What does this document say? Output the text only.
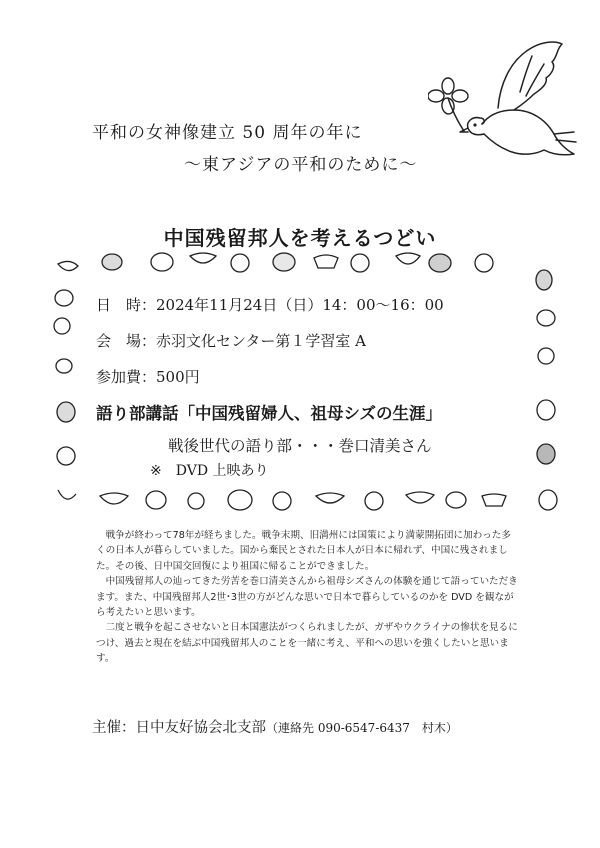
平和の女神像建立 50 周年の年に
～東アジアの平和のために～
中国残留邦人を考えるつどい
日　時：2024年11月24日（日）14：00～16：00
会　場：赤羽文化センター第１学習室 A
参加費：500円
語り部講話「中国残留婦人、祖母シズの生涯」
戦後世代の語り部・・・巻口清美さん
※　DVD 上映あり

戦争が終わって78年が経ちました。戦争末期、旧満州には国策により満蒙開拓団に加わった多くの日本人が暮らしていました。国から棄民とされた日本人が日本に帰れず、中国に残されました。その後、日中国交回復により祖国に帰ることができました。

中国残留邦人の辿ってきた労苦を巻口清美さんから祖母シズさんの体験を通じて語っていただきます。また、中国残留邦人2世･3世の方がどんな思いで日本で暮らしているのかを DVD を観ながら考えたいと思います。

二度と戦争を起こさせないと日本国憲法がつくられましたが、ガザやウクライナの惨状を見るにつけ、過去と現在を結ぶ中国残留邦人のことを一緒に考え、平和への思いを強くしたいと思います。

主催：日中友好協会北支部（連絡先 090-6547-6437　村木）
